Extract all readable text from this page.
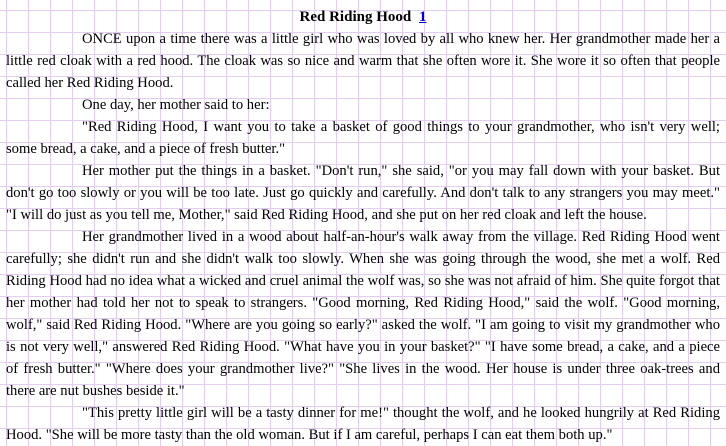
Red Riding Hood 1

ONCE upon a time there was a little girl who was loved by all who knew her. Her grandmother made her a little red cloak with a red hood. The cloak was so nice and warm that she often wore it. She wore it so often that people called her Red Riding Hood.

One day, her mother said to her:

"Red Riding Hood, I want you to take a basket of good things to your grandmother, who isn't very well; some bread, a cake, and a piece of fresh butter."

Her mother put the things in a basket. "Don't run," she said, "or you may fall down with your basket. But don't go too slowly or you will be too late. Just go quickly and carefully. And don't talk to any strangers you may meet." "I will do just as you tell me, Mother," said Red Riding Hood, and she put on her red cloak and left the house.

Her grandmother lived in a wood about half-an-hour's walk away from the village. Red Riding Hood went carefully; she didn't run and she didn't walk too slowly. When she was going through the wood, she met a wolf. Red Riding Hood had no idea what a wicked and cruel animal the wolf was, so she was not afraid of him. She quite forgot that her mother had told her not to speak to strangers. "Good morning, Red Riding Hood," said the wolf. "Good morning, wolf," said Red Riding Hood. "Where are you going so early?" asked the wolf. "I am going to visit my grandmother who is not very well," answered Red Riding Hood. "What have you in your basket?" "I have some bread, a cake, and a piece of fresh butter." "Where does your grandmother live?" "She lives in the wood. Her house is under three oak-trees and there are nut bushes beside it."

"This pretty little girl will be a tasty dinner for me!" thought the wolf, and he looked hungrily at Red Riding Hood. "She will be more tasty than the old woman. But if I am careful, perhaps I can eat them both up."
